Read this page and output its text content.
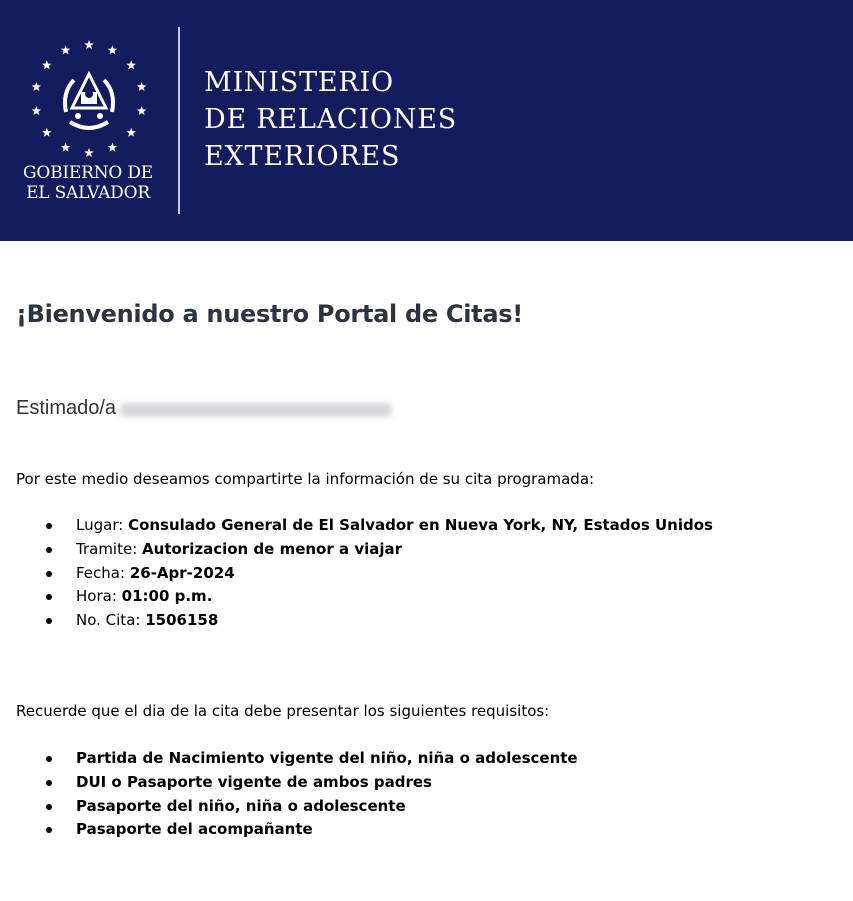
GOBIERNO DE
EL SALVADOR
MINISTERIO
DE RELACIONES
EXTERIORES
¡Bienvenido a nuestro Portal de Citas!
Estimado/a
Por este medio deseamos compartirte la información de su cita programada:
Lugar: Consulado General de El Salvador en Nueva York, NY, Estados Unidos
Tramite: Autorizacion de menor a viajar
Fecha: 26-Apr-2024
Hora: 01:00 p.m.
No. Cita: 1506158
Recuerde que el dia de la cita debe presentar los siguientes requisitos:
Partida de Nacimiento vigente del niño, niña o adolescente
DUI o Pasaporte vigente de ambos padres
Pasaporte del niño, niña o adolescente
Pasaporte del acompañante
